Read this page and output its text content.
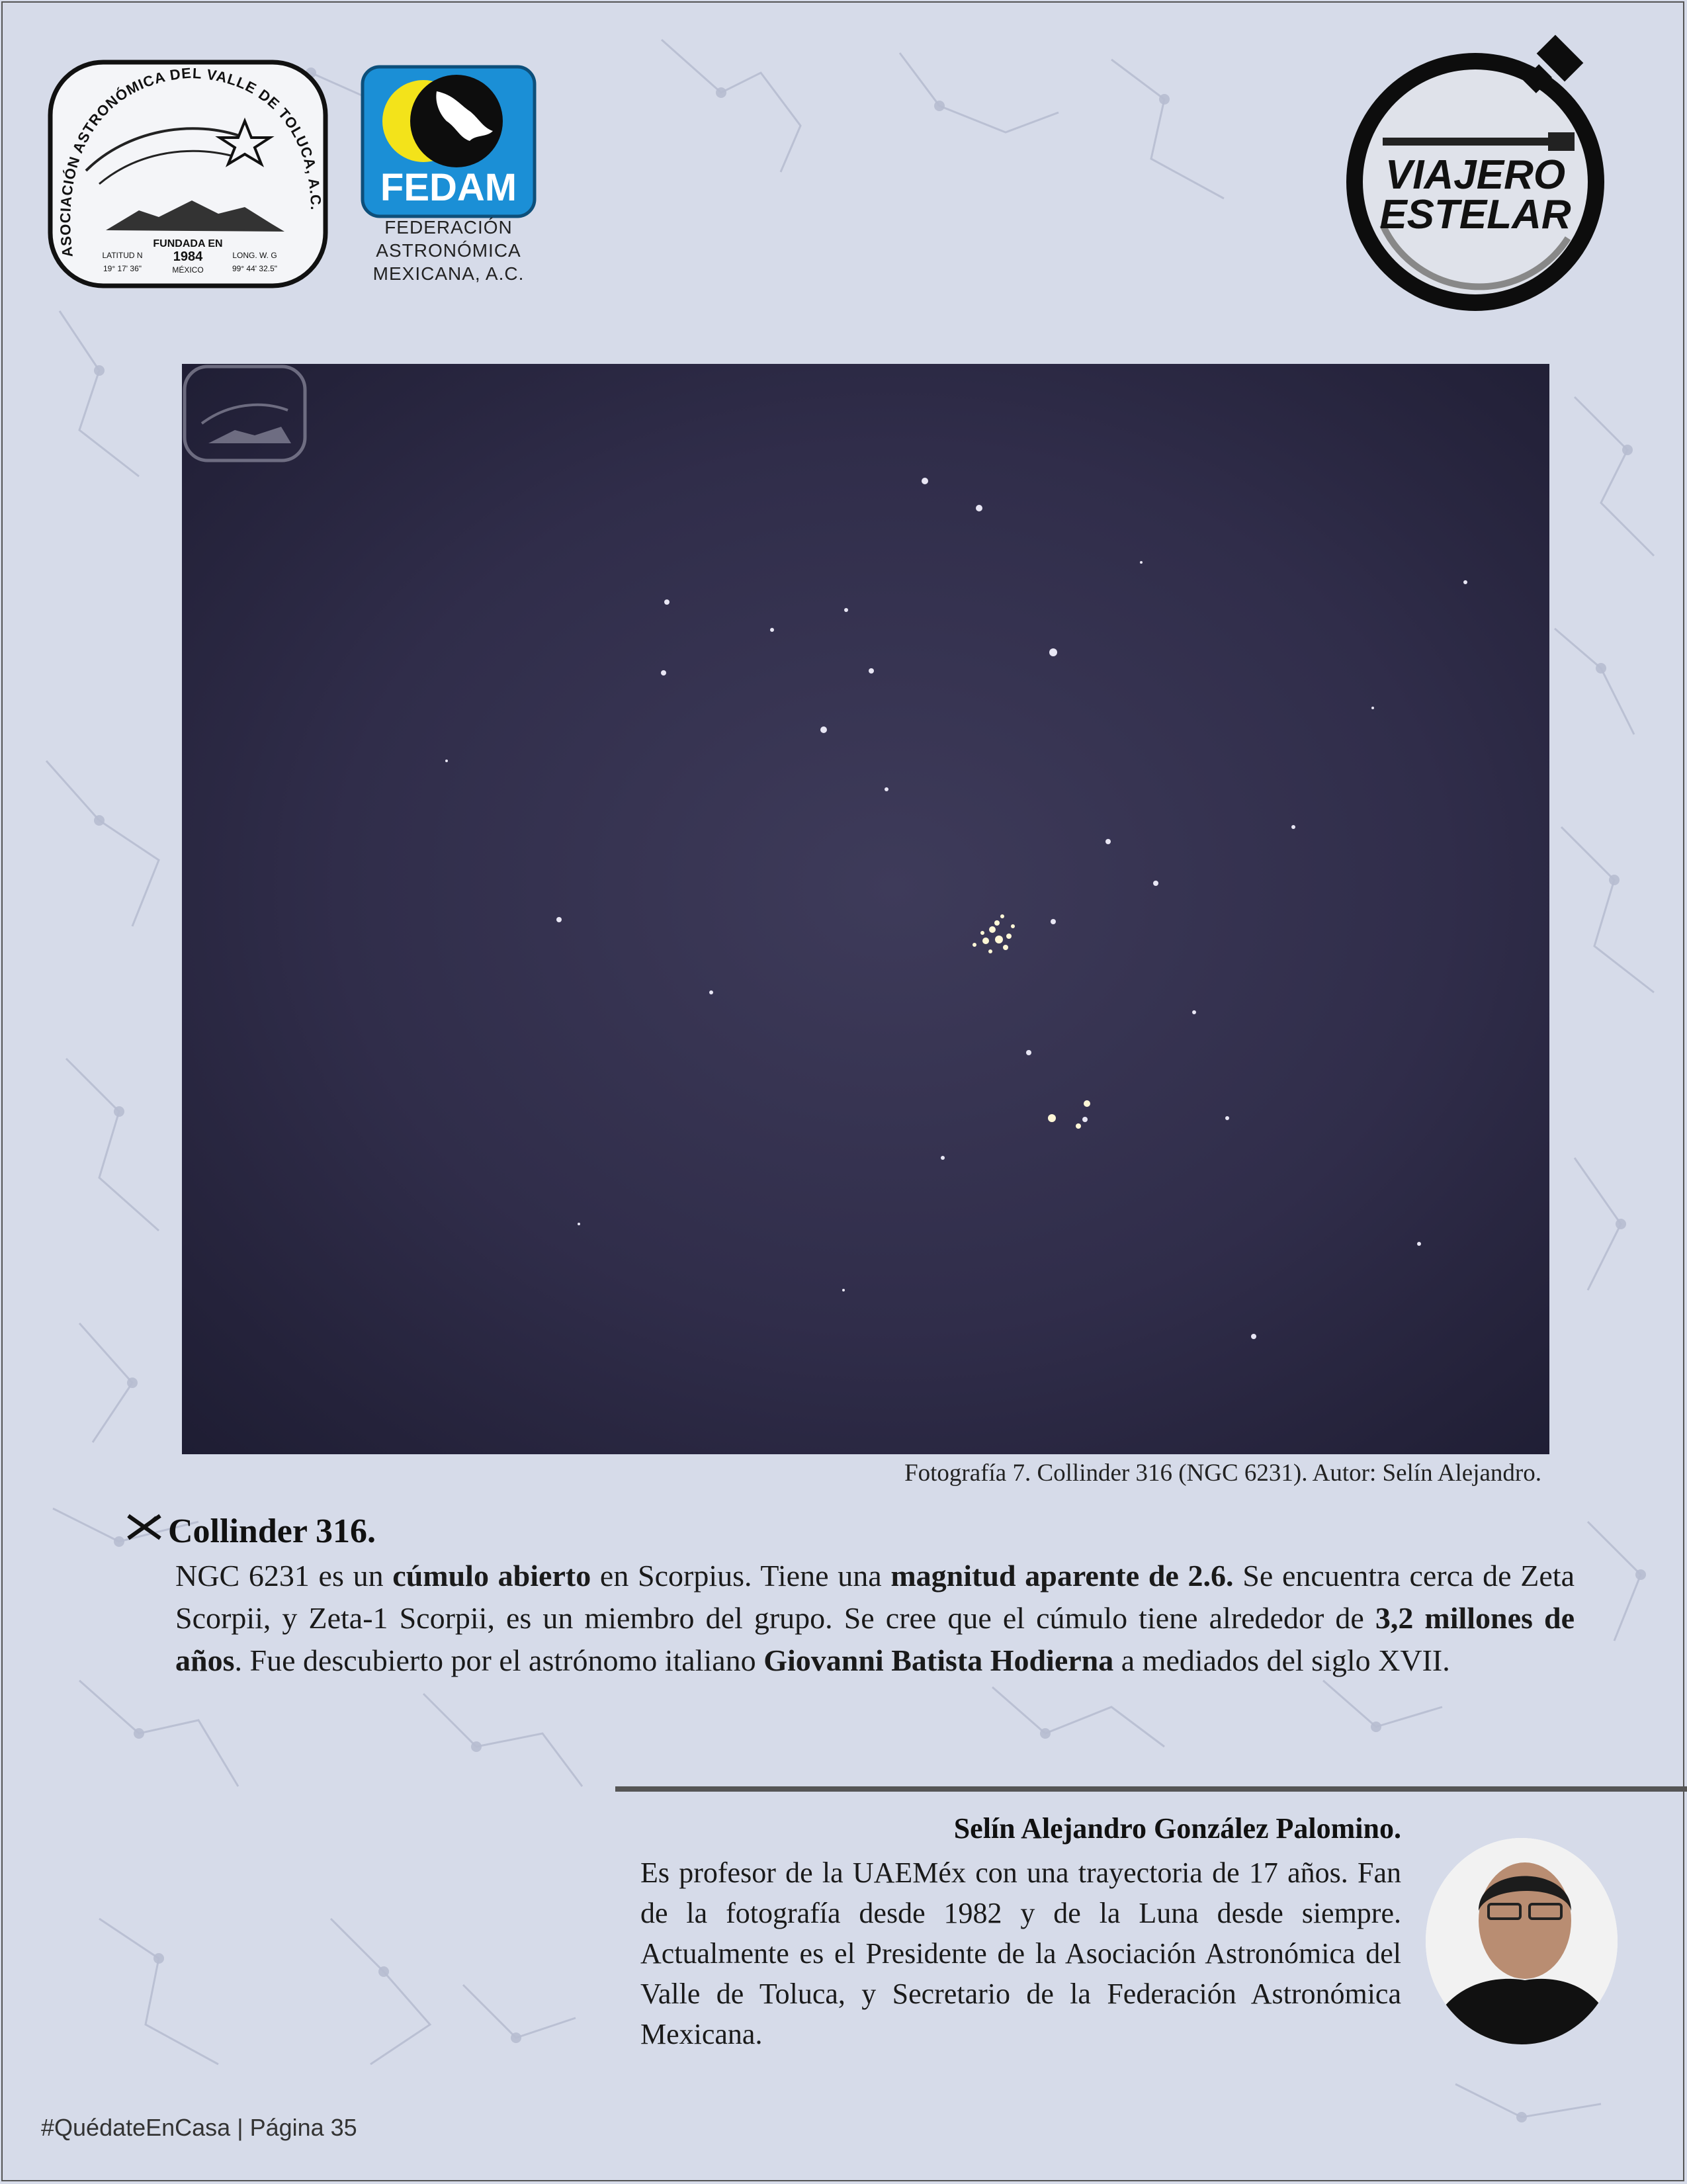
ASOCIACIÓN ASTRONÓMICA DEL VALLE DE TOLUCA, A.C.
FUNDADA EN
1984
MÉXICO
LATITUD N
19° 17' 36"
LONG. W. G
99° 44' 32.5"
FEDAM
FEDERACIÓN
ASTRONÓMICA
MEXICANA, A.C.
VIAJERO
ESTELAR
Fotografía 7. Collinder 316 (NGC 6231). Autor: Selín Alejandro.
Collinder 316.
NGC 6231 es un cúmulo abierto en Scorpius. Tiene una magnitud aparente de 2.6. Se encuentra cerca de Zeta Scorpii, y Zeta-1 Scorpii, es un miembro del grupo. Se cree que el cúmulo tiene alrededor de 3,2 millones de años. Fue descubierto por el astrónomo italiano Giovanni Batista Hodierna a mediados del siglo XVII.
Selín Alejandro González Palomino.
Es profesor de la UAEMéx con una trayectoria de 17 años. Fan de la fotografía desde 1982 y de la Luna desde siempre. Actualmente es el Presidente de la Asociación Astronómica del Valle de Toluca, y Secretario de la Federación Astronómica Mexicana.
#QuédateEnCasa | Página 35
